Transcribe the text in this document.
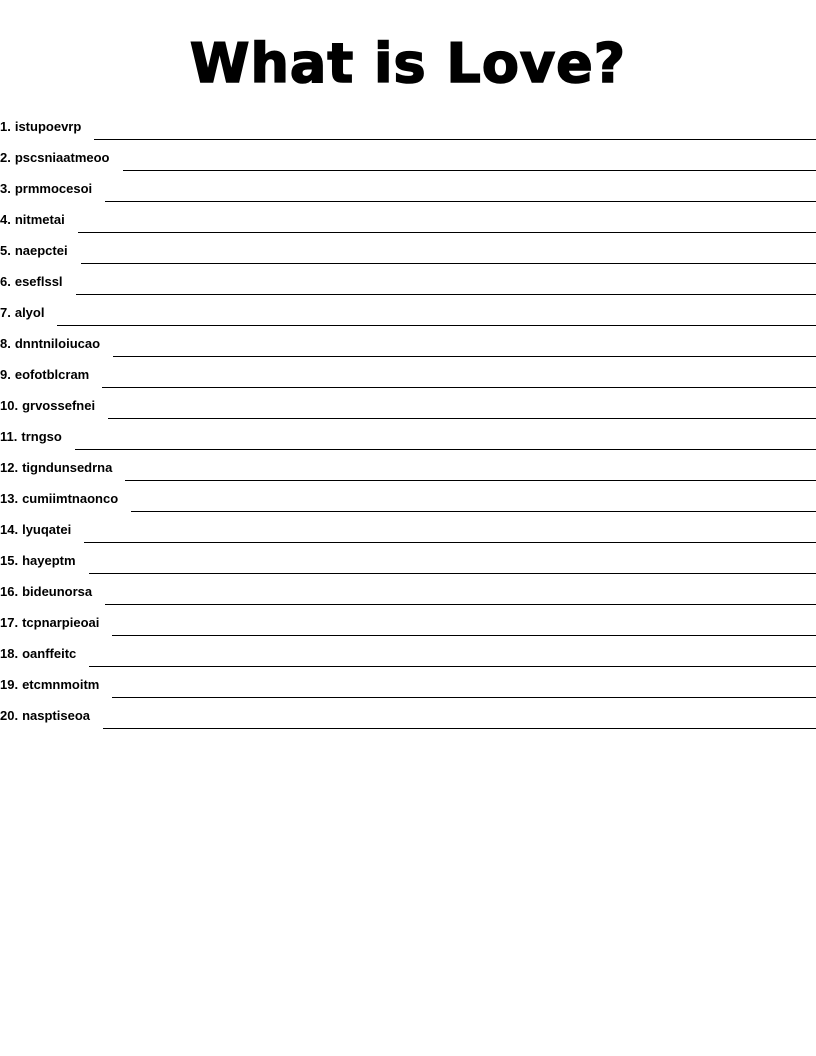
What is Love?
1. istupoevrp
2. pscsniaatmeoo
3. prmmocesoi
4. nitmetai
5. naepctei
6. eseflssl
7. alyol
8. dnntniloiucao
9. eofotblcram
10. grvossefnei
11. trngso
12. tigndunsedrna
13. cumiimtnaonco
14. lyuqatei
15. hayeptm
16. bideunorsa
17. tcpnarpieoai
18. oanffeitc
19. etcmnmoitm
20. nasptiseoa
